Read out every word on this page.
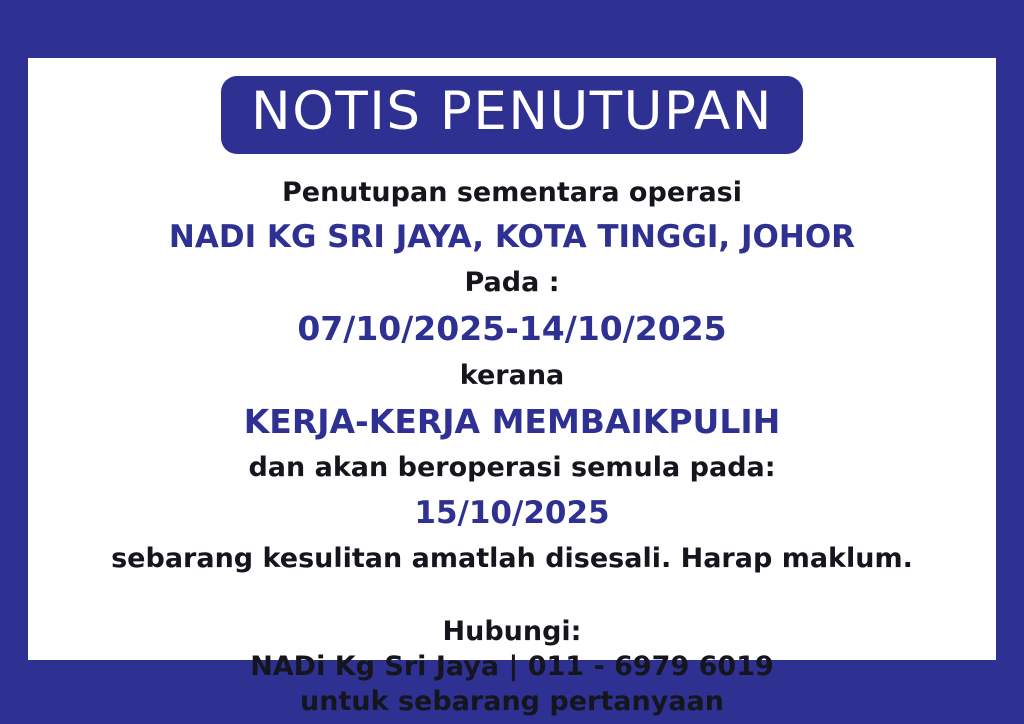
NOTIS PENUTUPAN
Penutupan sementara operasi
NADI KG SRI JAYA, KOTA TINGGI, JOHOR
Pada :
07/10/2025-14/10/2025
kerana
KERJA-KERJA MEMBAIKPULIH
dan akan beroperasi semula pada:
15/10/2025
sebarang kesulitan amatlah disesali. Harap maklum.
Hubungi:
NADi Kg Sri Jaya | 011 - 6979 6019
untuk sebarang pertanyaan
